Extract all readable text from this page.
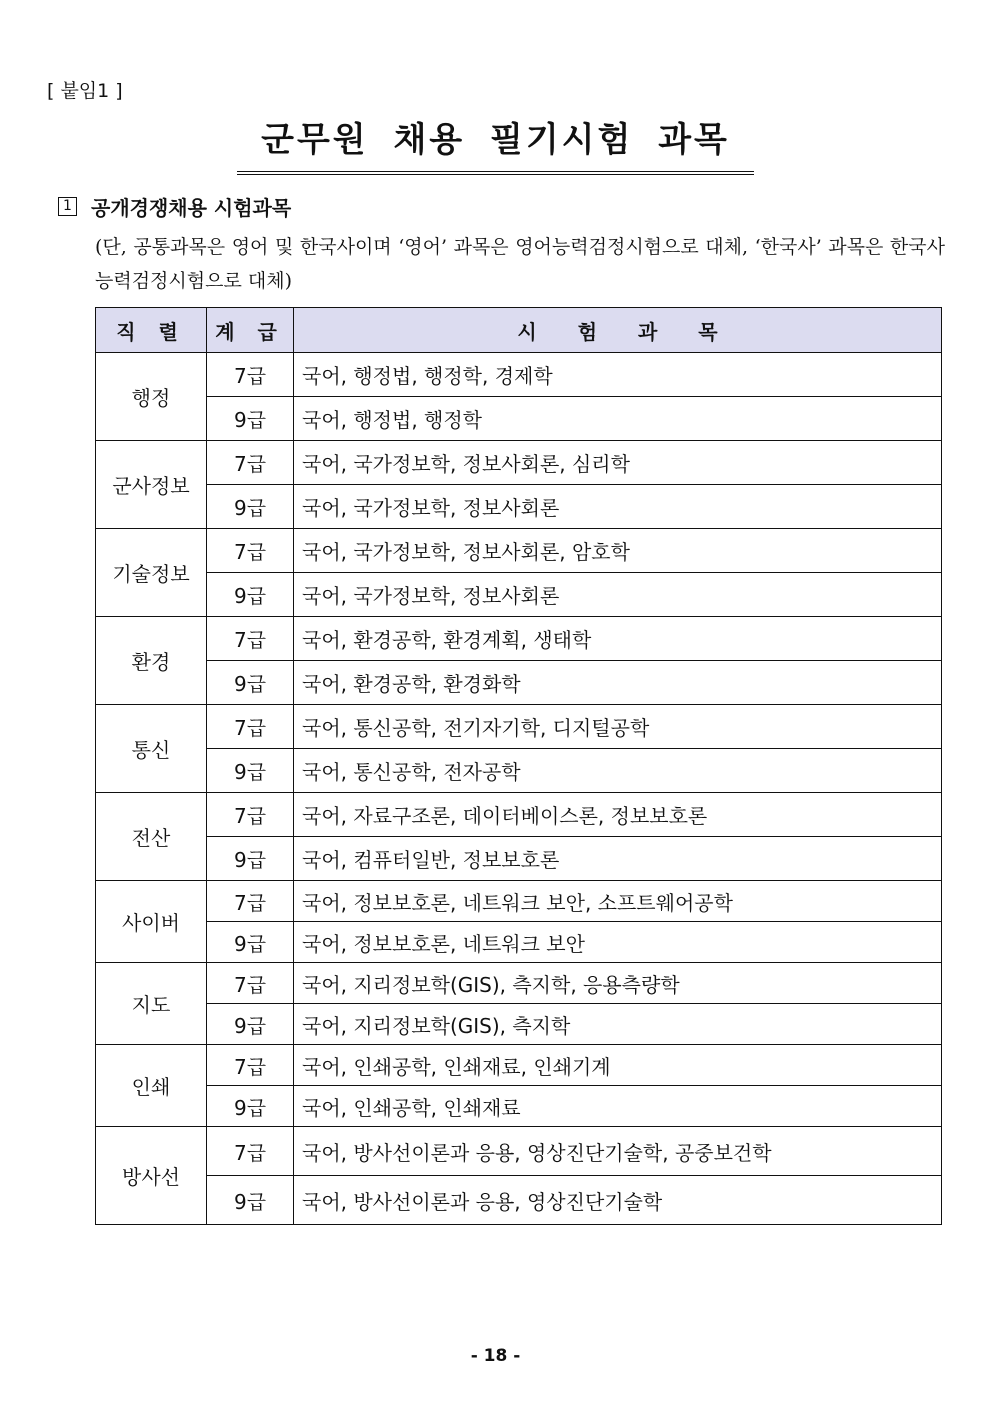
[ 붙임1 ]
군무원 채용 필기시험 과목
1 공개경쟁채용 시험과목
(단, 공통과목은 영어 및 한국사이며 ‘영어’ 과목은 영어능력검정시험으로 대체, ‘한국사’ 과목은 한국사능력검정시험으로 대체)
직 렬	계 급	시 험 과 목
행정	7급	국어, 행정법, 행정학, 경제학
	9급	국어, 행정법, 행정학
군사정보	7급	국어, 국가정보학, 정보사회론, 심리학
	9급	국어, 국가정보학, 정보사회론
기술정보	7급	국어, 국가정보학, 정보사회론, 암호학
	9급	국어, 국가정보학, 정보사회론
환경	7급	국어, 환경공학, 환경계획, 생태학
	9급	국어, 환경공학, 환경화학
통신	7급	국어, 통신공학, 전기자기학, 디지털공학
	9급	국어, 통신공학, 전자공학
전산	7급	국어, 자료구조론, 데이터베이스론, 정보보호론
	9급	국어, 컴퓨터일반, 정보보호론
사이버	7급	국어, 정보보호론, 네트워크 보안, 소프트웨어공학
	9급	국어, 정보보호론, 네트워크 보안
지도	7급	국어, 지리정보학(GIS), 측지학, 응용측량학
	9급	국어, 지리정보학(GIS), 측지학
인쇄	7급	국어, 인쇄공학, 인쇄재료, 인쇄기계
	9급	국어, 인쇄공학, 인쇄재료
방사선	7급	국어, 방사선이론과 응용, 영상진단기술학, 공중보건학
	9급	국어, 방사선이론과 응용, 영상진단기술학
- 18 -
